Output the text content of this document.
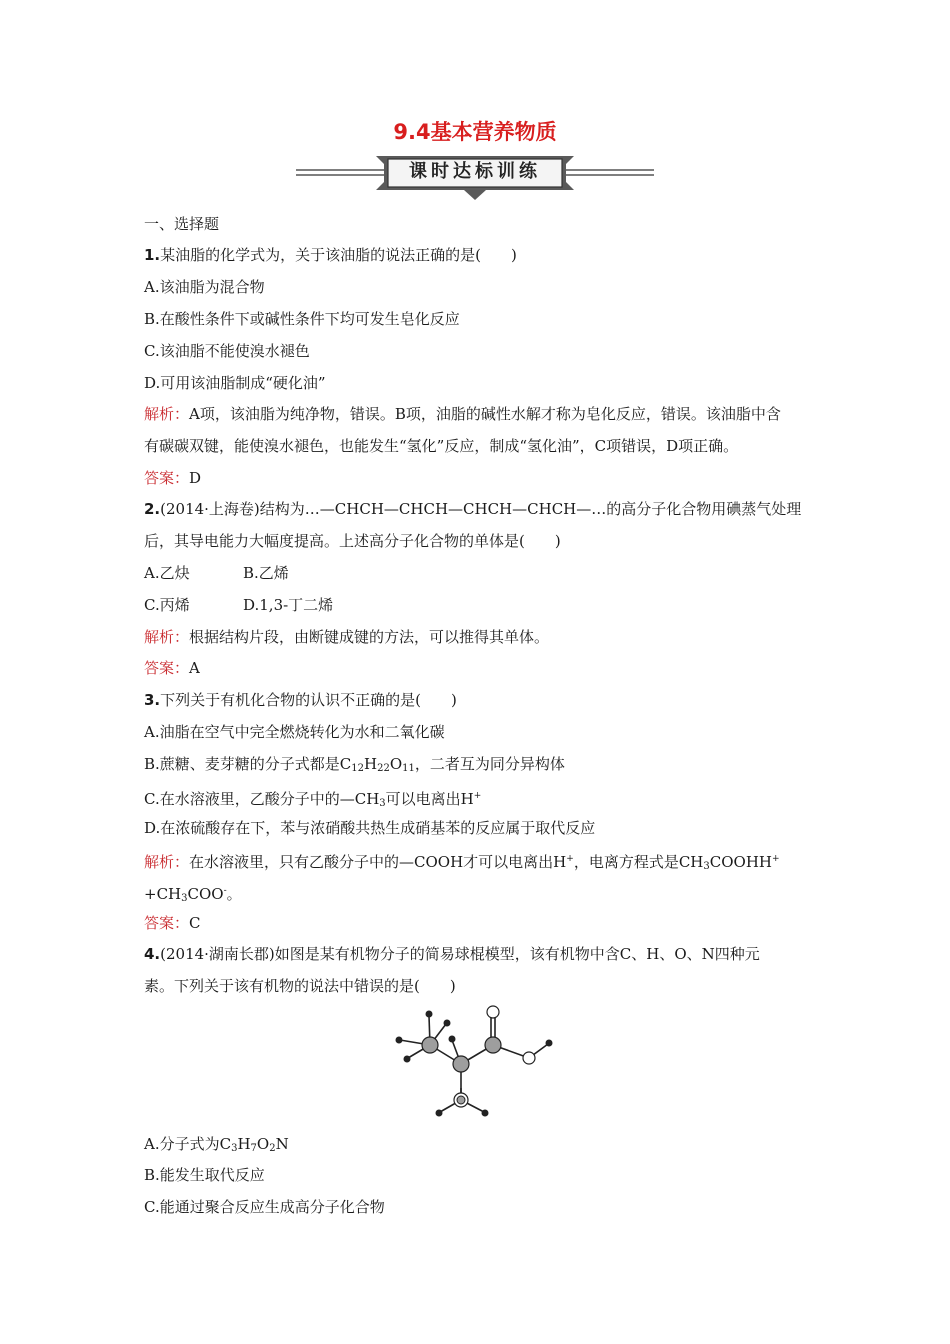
9.4基本营养物质
课时达标训练
一、选择题
1.某油脂的化学式为，关于该油脂的说法正确的是(　　)
A.该油脂为混合物
B.在酸性条件下或碱性条件下均可发生皂化反应
C.该油脂不能使溴水褪色
D.可用该油脂制成“硬化油”
解析：A项，该油脂为纯净物，错误。B项，油脂的碱性水解才称为皂化反应，错误。该油脂中含
有碳碳双键，能使溴水褪色，也能发生“氢化”反应，制成“氢化油”，C项错误，D项正确。
答案：D
2.(2014·上海卷)结构为…—CHCH—CHCH—CHCH—CHCH—…的高分子化合物用碘蒸气处理
后，其导电能力大幅度提高。上述高分子化合物的单体是(　　)
A.乙炔	B.乙烯
C.丙烯	D.1,3-丁二烯
解析：根据结构片段，由断键成键的方法，可以推得其单体。
答案：A
3.下列关于有机化合物的认识不正确的是(　　)
A.油脂在空气中完全燃烧转化为水和二氧化碳
B.蔗糖、麦芽糖的分子式都是$C_{12}H_{22}O_{11}$，二者互为同分异构体
C.在水溶液里，乙酸分子中的$—CH_3$可以电离出H+
D.在浓硫酸存在下，苯与浓硝酸共热生成硝基苯的反应属于取代反应
解析：在水溶液里，只有乙酸分子中的—COOH才可以电离出H+，电离方程式是$CH_3COOHH^+$
$+CH_3COO^-$。
答案：C
4.(2014·湖南长郡)如图是某有机物分子的简易球棍模型，该有机物中含C、H、O、N四种元
素。下列关于该有机物的说法中错误的是(　　)
A.分子式为$C_3H_7O_2N$
B.能发生取代反应
C.能通过聚合反应生成高分子化合物
